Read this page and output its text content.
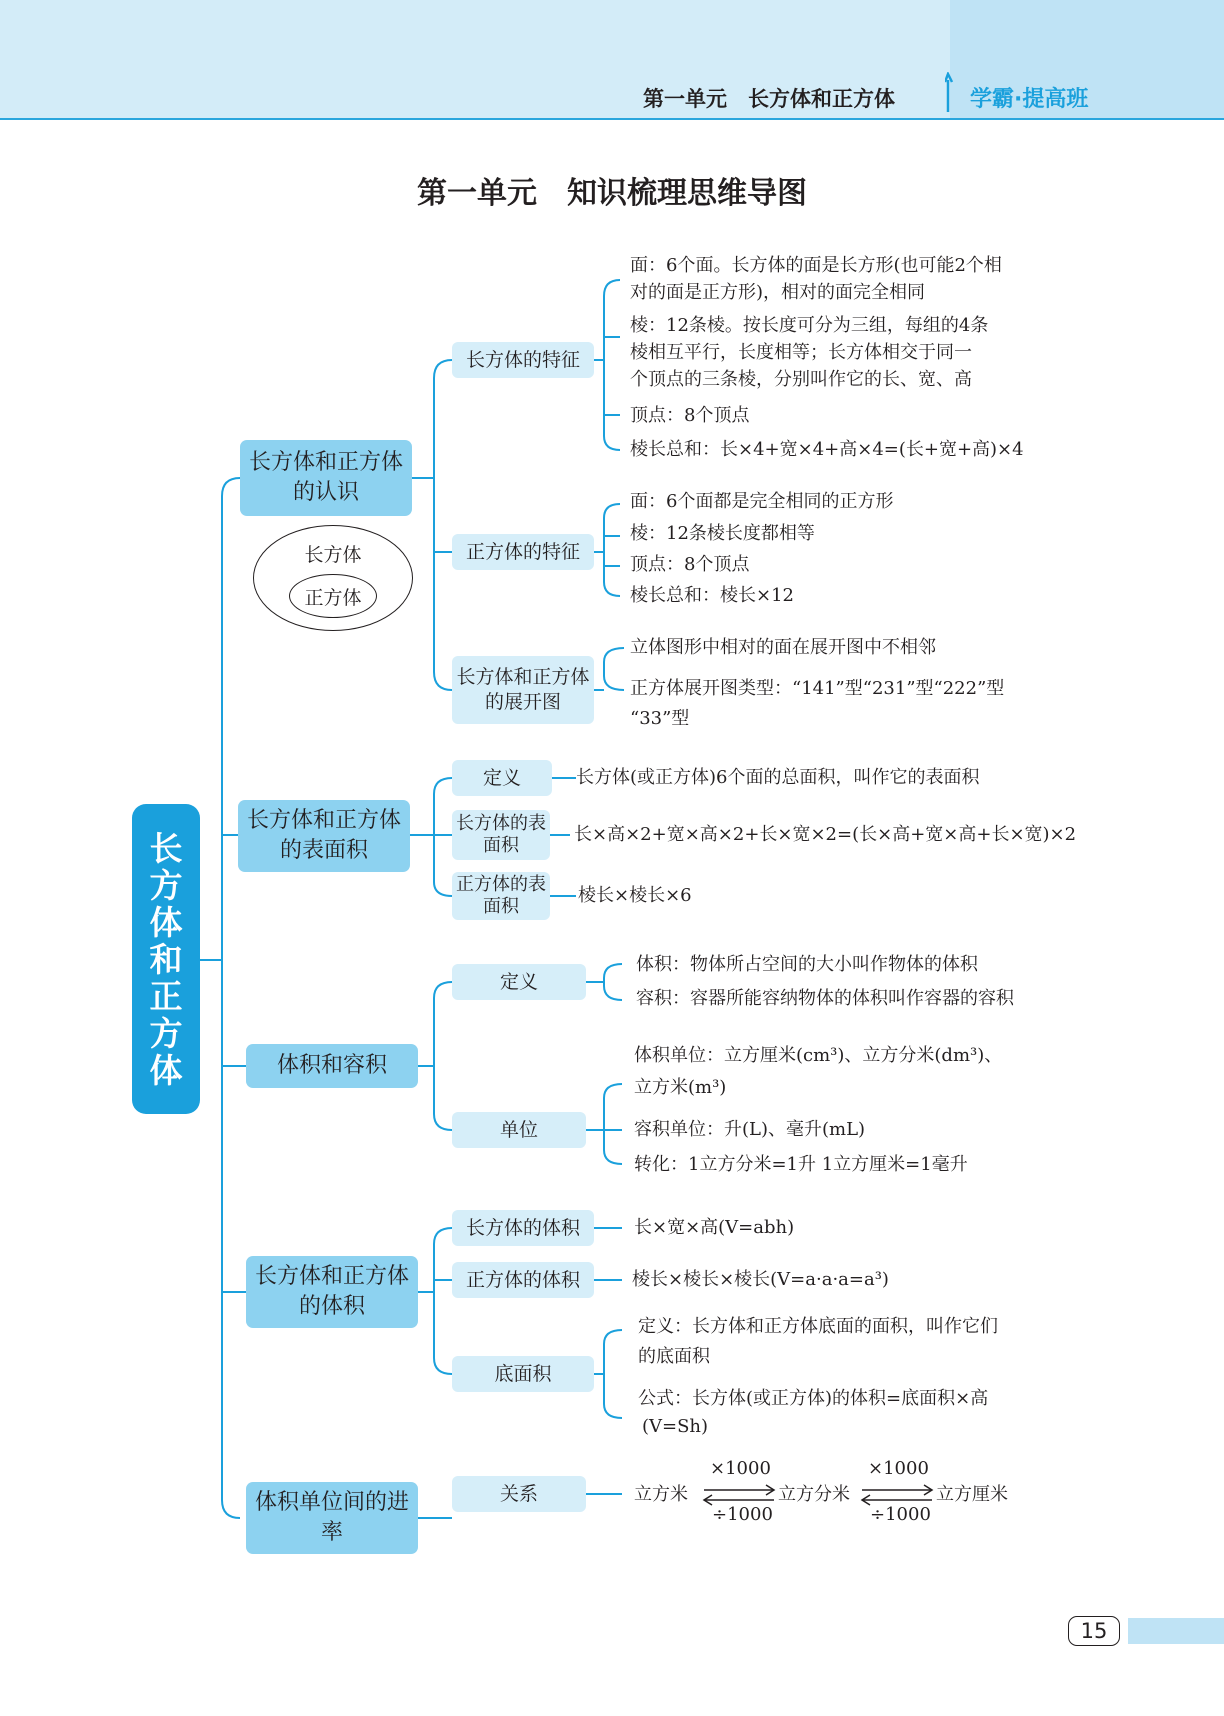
第一单元　长方体和正方体	学霸·提高班
第一单元　知识梳理思维导图
长方体和正方体
长方体和正方体的认识
长方体和正方体的表面积
体积和容积
长方体和正方体的体积
体积单位间的进率
长方体
正方体
长方体的特征
面：6个面。长方体的面是长方形(也可能2个相
对的面是正方形)，相对的面完全相同
棱：12条棱。按长度可分为三组，每组的4条
棱相互平行，长度相等；长方体相交于同一
个顶点的三条棱，分别叫作它的长、宽、高
顶点：8个顶点
棱长总和：长×4+宽×4+高×4=(长+宽+高)×4
正方体的特征
面：6个面都是完全相同的正方形
棱：12条棱长度都相等
顶点：8个顶点
棱长总和：棱长×12
长方体和正方体的展开图
立体图形中相对的面在展开图中不相邻
正方体展开图类型：“141”型“231”型“222”型
“33”型
定义	长方体(或正方体)6个面的总面积，叫作它的表面积
长方体的表面积
长×高×2+宽×高×2+长×宽×2=(长×高+宽×高+长×宽)×2
正方体的表面积
棱长×棱长×6
定义
体积：物体所占空间的大小叫作物体的体积
容积：容器所能容纳物体的体积叫作容器的容积
单位
体积单位：立方厘米(cm³)、立方分米(dm³)、
立方米(m³)
容积单位：升(L)、毫升(mL)
转化：1立方分米=1升 1立方厘米=1毫升
长方体的体积	长×宽×高(V=abh)
正方体的体积	棱长×棱长×棱长(V=a·a·a=a³)
底面积
定义：长方体和正方体底面的面积，叫作它们
的底面积
公式：长方体(或正方体)的体积=底面积×高
(V=Sh)
关系	立方米	立方分米	立方厘米
×1000
÷1000
×1000
÷1000
15
